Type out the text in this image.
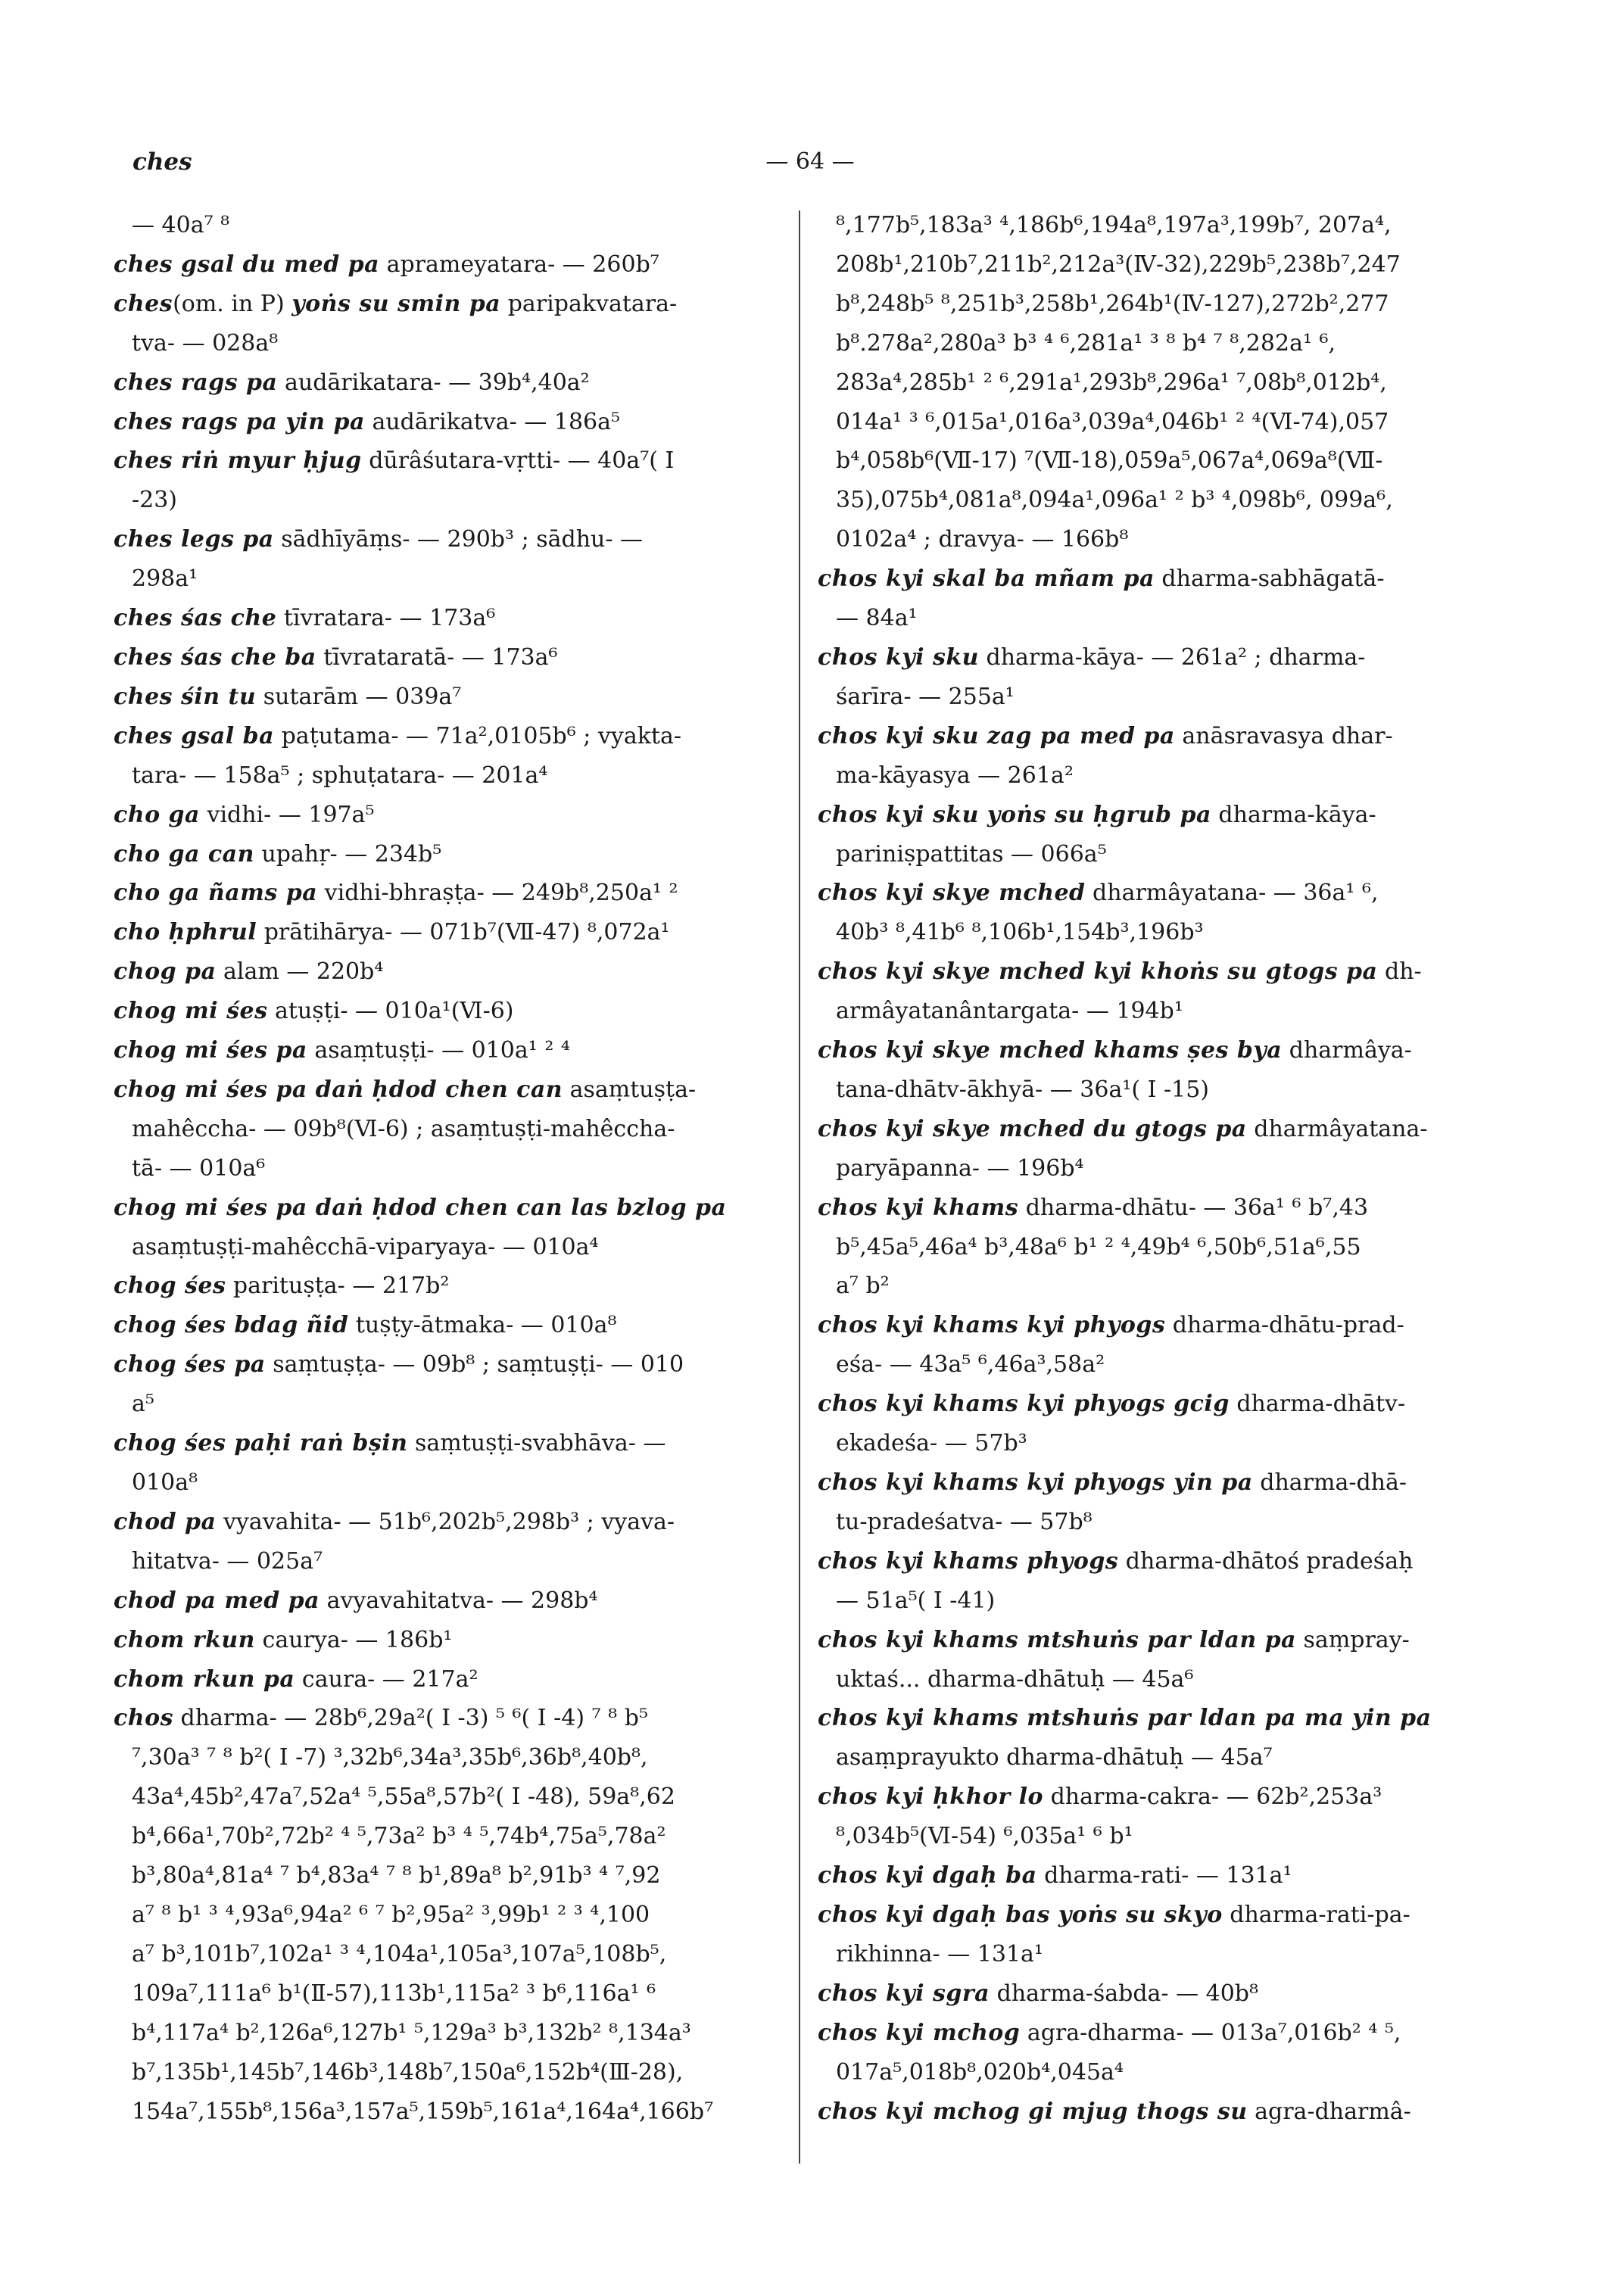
ches	— 64 —
— 40a⁷ ⁸
ches gsal du med pa aprameyatara- — 260b⁷
ches(om. in P) yoṅs su smin pa paripakvatara-
tva- — 028a⁸
ches rags pa audārikatara- — 39b⁴,40a²
ches rags pa yin pa audārikatva- — 186a⁵
ches riṅ myur ḥjug dūrâśutara-vṛtti- — 40a⁷( I
-23)
ches legs pa sādhīyāṃs- — 290b³ ; sādhu- —
298a¹
ches śas che tīvratara- — 173a⁶
ches śas che ba tīvrataratā- — 173a⁶
ches śin tu sutarām — 039a⁷
ches gsal ba paṭutama- — 71a²,0105b⁶ ; vyakta-
tara- — 158a⁵ ; sphuṭatara- — 201a⁴
cho ga vidhi- — 197a⁵
cho ga can upahṛ- — 234b⁵
cho ga ñams pa vidhi-bhraṣṭa- — 249b⁸,250a¹ ²
cho ḥphrul prātihārya- — 071b⁷(Ⅶ-47) ⁸,072a¹
chog pa alam — 220b⁴
chog mi śes atuṣṭi- — 010a¹(Ⅵ-6)
chog mi śes pa asaṃtuṣṭi- — 010a¹ ² ⁴
chog mi śes pa daṅ ḥdod chen can asaṃtuṣṭa-
mahêccha- — 09b⁸(Ⅵ-6) ; asaṃtuṣṭi-mahêccha-
tā- — 010a⁶
chog mi śes pa daṅ ḥdod chen can las bzlog pa
asaṃtuṣṭi-mahêcchā-viparyaya- — 010a⁴
chog śes parituṣṭa- — 217b²
chog śes bdag ñid tuṣṭy-ātmaka- — 010a⁸
chog śes pa saṃtuṣṭa- — 09b⁸ ; saṃtuṣṭi- — 010
a⁵
chog śes paḥi raṅ bṣin saṃtuṣṭi-svabhāva- —
010a⁸
chod pa vyavahita- — 51b⁶,202b⁵,298b³ ; vyava-
hitatva- — 025a⁷
chod pa med pa avyavahitatva- — 298b⁴
chom rkun caurya- — 186b¹
chom rkun pa caura- — 217a²
chos dharma- — 28b⁶,29a²( I -3) ⁵ ⁶( I -4) ⁷ ⁸ b⁵
⁷,30a³ ⁷ ⁸ b²( I -7) ³,32b⁶,34a³,35b⁶,36b⁸,40b⁸,
43a⁴,45b²,47a⁷,52a⁴ ⁵,55a⁸,57b²( I -48), 59a⁸,62
b⁴,66a¹,70b²,72b² ⁴ ⁵,73a² b³ ⁴ ⁵,74b⁴,75a⁵,78a²
b³,80a⁴,81a⁴ ⁷ b⁴,83a⁴ ⁷ ⁸ b¹,89a⁸ b²,91b³ ⁴ ⁷,92
a⁷ ⁸ b¹ ³ ⁴,93a⁶,94a² ⁶ ⁷ b²,95a² ³,99b¹ ² ³ ⁴,100
a⁷ b³,101b⁷,102a¹ ³ ⁴,104a¹,105a³,107a⁵,108b⁵,
109a⁷,111a⁶ b¹(Ⅱ-57),113b¹,115a² ³ b⁶,116a¹ ⁶
b⁴,117a⁴ b²,126a⁶,127b¹ ⁵,129a³ b³,132b² ⁸,134a³
b⁷,135b¹,145b⁷,146b³,148b⁷,150a⁶,152b⁴(Ⅲ-28),
154a⁷,155b⁸,156a³,157a⁵,159b⁵,161a⁴,164a⁴,166b⁷
⁸,177b⁵,183a³ ⁴,186b⁶,194a⁸,197a³,199b⁷, 207a⁴,
208b¹,210b⁷,211b²,212a³(Ⅳ-32),229b⁵,238b⁷,247
b⁸,248b⁵ ⁸,251b³,258b¹,264b¹(Ⅳ-127),272b²,277
b⁸.278a²,280a³ b³ ⁴ ⁶,281a¹ ³ ⁸ b⁴ ⁷ ⁸,282a¹ ⁶,
283a⁴,285b¹ ² ⁶,291a¹,293b⁸,296a¹ ⁷,08b⁸,012b⁴,
014a¹ ³ ⁶,015a¹,016a³,039a⁴,046b¹ ² ⁴(Ⅵ-74),057
b⁴,058b⁶(Ⅶ-17) ⁷(Ⅶ-18),059a⁵,067a⁴,069a⁸(Ⅶ-
35),075b⁴,081a⁸,094a¹,096a¹ ² b³ ⁴,098b⁶, 099a⁶,
0102a⁴ ; dravya- — 166b⁸
chos kyi skal ba mñam pa dharma-sabhāgatā-
— 84a¹
chos kyi sku dharma-kāya- — 261a² ; dharma-
śarīra- — 255a¹
chos kyi sku zag pa med pa anāsravasya dhar-
ma-kāyasya — 261a²
chos kyi sku yoṅs su ḥgrub pa dharma-kāya-
pariniṣpattitas — 066a⁵
chos kyi skye mched dharmâyatana- — 36a¹ ⁶,
40b³ ⁸,41b⁶ ⁸,106b¹,154b³,196b³
chos kyi skye mched kyi khoṅs su gtogs pa dh-
armâyatanântargata- — 194b¹
chos kyi skye mched khams ṣes bya dharmâya-
tana-dhātv-ākhyā- — 36a¹( I -15)
chos kyi skye mched du gtogs pa dharmâyatana-
paryāpanna- — 196b⁴
chos kyi khams dharma-dhātu- — 36a¹ ⁶ b⁷,43
b⁵,45a⁵,46a⁴ b³,48a⁶ b¹ ² ⁴,49b⁴ ⁶,50b⁶,51a⁶,55
a⁷ b²
chos kyi khams kyi phyogs dharma-dhātu-prad-
eśa- — 43a⁵ ⁶,46a³,58a²
chos kyi khams kyi phyogs gcig dharma-dhātv-
ekadeśa- — 57b³
chos kyi khams kyi phyogs yin pa dharma-dhā-
tu-pradeśatva- — 57b⁸
chos kyi khams phyogs dharma-dhātoś pradeśaḥ
— 51a⁵( I -41)
chos kyi khams mtshuṅs par ldan pa saṃpray-
uktaś... dharma-dhātuḥ — 45a⁶
chos kyi khams mtshuṅs par ldan pa ma yin pa
asaṃprayukto dharma-dhātuḥ — 45a⁷
chos kyi ḥkhor lo dharma-cakra- — 62b²,253a³
⁸,034b⁵(Ⅵ-54) ⁶,035a¹ ⁶ b¹
chos kyi dgaḥ ba dharma-rati- — 131a¹
chos kyi dgaḥ bas yoṅs su skyo dharma-rati-pa-
rikhinna- — 131a¹
chos kyi sgra dharma-śabda- — 40b⁸
chos kyi mchog agra-dharma- — 013a⁷,016b² ⁴ ⁵,
017a⁵,018b⁸,020b⁴,045a⁴
chos kyi mchog gi mjug thogs su agra-dharmâ-
